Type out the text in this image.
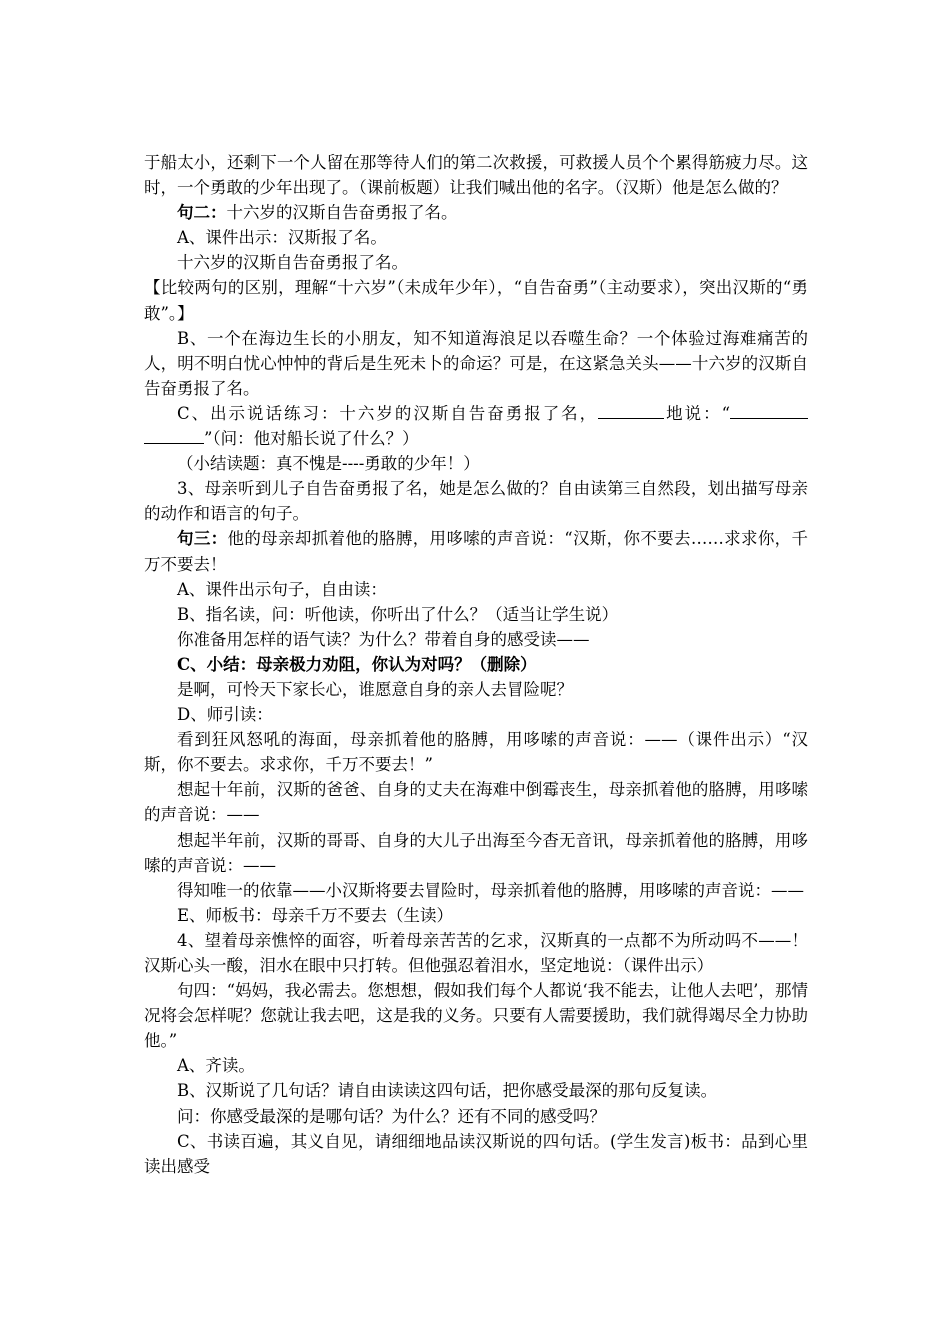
于船太小，还剩下一个人留在那等待人们的第二次救援，可救援人员个个累得筋疲力尽。这时，一个勇敢的少年出现了。（课前板题）让我们喊出他的名字。（汉斯）他是怎么做的？

句二：十六岁的汉斯自告奋勇报了名。

A、课件出示：汉斯报了名。

十六岁的汉斯自告奋勇报了名。

【比较两句的区别，理解“十六岁”（未成年少年），“自告奋勇”（主动要求），突出汉斯的“勇敢”。】

B、一个在海边生长的小朋友，知不知道海浪足以吞噬生命？一个体验过海难痛苦的人，明不明白忧心忡忡的背后是生死未卜的命运？可是，在这紧急关头——十六岁的汉斯自告奋勇报了名。

C、出示说话练习：十六岁的汉斯自告奋勇报了名，	地说：“”（问：他对船长说了什么？）

（小结读题：真不愧是----勇敢的少年！）

3、母亲听到儿子自告奋勇报了名，她是怎么做的？自由读第三自然段，划出描写母亲的动作和语言的句子。

句三：他的母亲却抓着他的胳膊，用哆嗦的声音说：“汉斯，你不要去……求求你，千万不要去！

A、课件出示句子，自由读：

B、指名读，问：听他读，你听出了什么？（适当让学生说）

你准备用怎样的语气读？为什么？带着自身的感受读——

C、小结：母亲极力劝阻，你认为对吗？（删除）

是啊，可怜天下家长心，谁愿意自身的亲人去冒险呢？

D、师引读：

看到狂风怒吼的海面，母亲抓着他的胳膊，用哆嗦的声音说：——（课件出示）“汉斯，你不要去。求求你，千万不要去！”

想起十年前，汉斯的爸爸、自身的丈夫在海难中倒霉丧生，母亲抓着他的胳膊，用哆嗦的声音说：——

想起半年前，汉斯的哥哥、自身的大儿子出海至今杳无音讯，母亲抓着他的胳膊，用哆嗦的声音说：——

得知唯一的依靠——小汉斯将要去冒险时，母亲抓着他的胳膊，用哆嗦的声音说：——

E、师板书：母亲千万不要去（生读）

4、望着母亲憔悴的面容，听着母亲苦苦的乞求，汉斯真的一点都不为所动吗不——！汉斯心头一酸，泪水在眼中只打转。但他强忍着泪水，坚定地说：（课件出示）

句四：“妈妈，我必需去。您想想，假如我们每个人都说‘我不能去，让他人去吧’，那情况将会怎样呢？您就让我去吧，这是我的义务。只要有人需要援助，我们就得竭尽全力协助他。”

A、齐读。

B、汉斯说了几句话？请自由读读这四句话，把你感受最深的那句反复读。

问：你感受最深的是哪句话？为什么？还有不同的感受吗？

C、书读百遍，其义自见，请细细地品读汉斯说的四句话。(学生发言)板书：品到心里读出感受
